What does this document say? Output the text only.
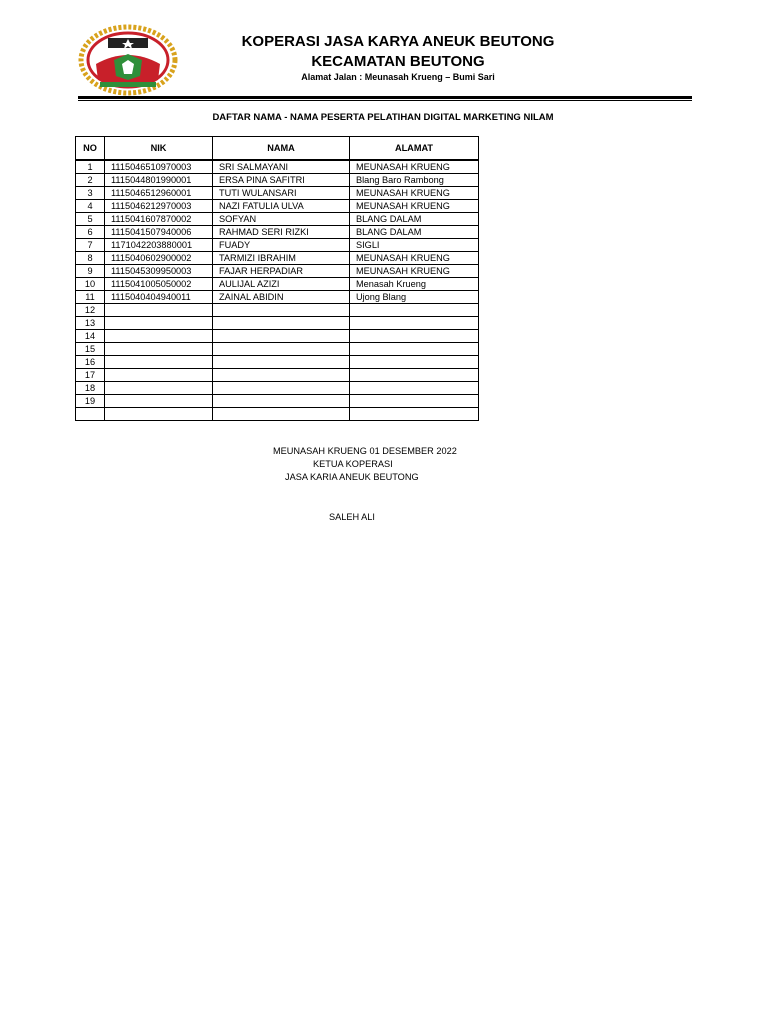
KOPERASI JASA KARYA ANEUK BEUTONG
KECAMATAN BEUTONG
Alamat Jalan : Meunasah Krueng – Bumi Sari
DAFTAR NAMA - NAMA PESERTA PELATIHAN DIGITAL MARKETING NILAM
NO	NIK	NAMA	ALAMAT
1	1115046510970003	SRI SALMAYANI	MEUNASAH KRUENG
2	1115044801990001	ERSA PINA SAFITRI	Blang Baro Rambong
3	1115046512960001	TUTI WULANSARI	MEUNASAH KRUENG
4	1115046212970003	NAZI FATULIA ULVA	MEUNASAH KRUENG
5	1115041607870002	SOFYAN	BLANG DALAM
6	1115041507940006	RAHMAD SERI RIZKI	BLANG DALAM
7	1171042203880001	FUADY	SIGLI
8	1115040602900002	TARMIZI IBRAHIM	MEUNASAH KRUENG
9	1115045309950003	FAJAR HERPADIAR	MEUNASAH KRUENG
10	1115041005050002	AULIJAL AZIZI	Menasah Krueng
11	1115040404940011	ZAINAL ABIDIN	Ujong Blang
12			
13			
14			
15			
16			
17			
18			
19			

MEUNASAH KRUENG 01 DESEMBER 2022
KETUA KOPERASI
JASA KARIA ANEUK BEUTONG
SALEH ALI
